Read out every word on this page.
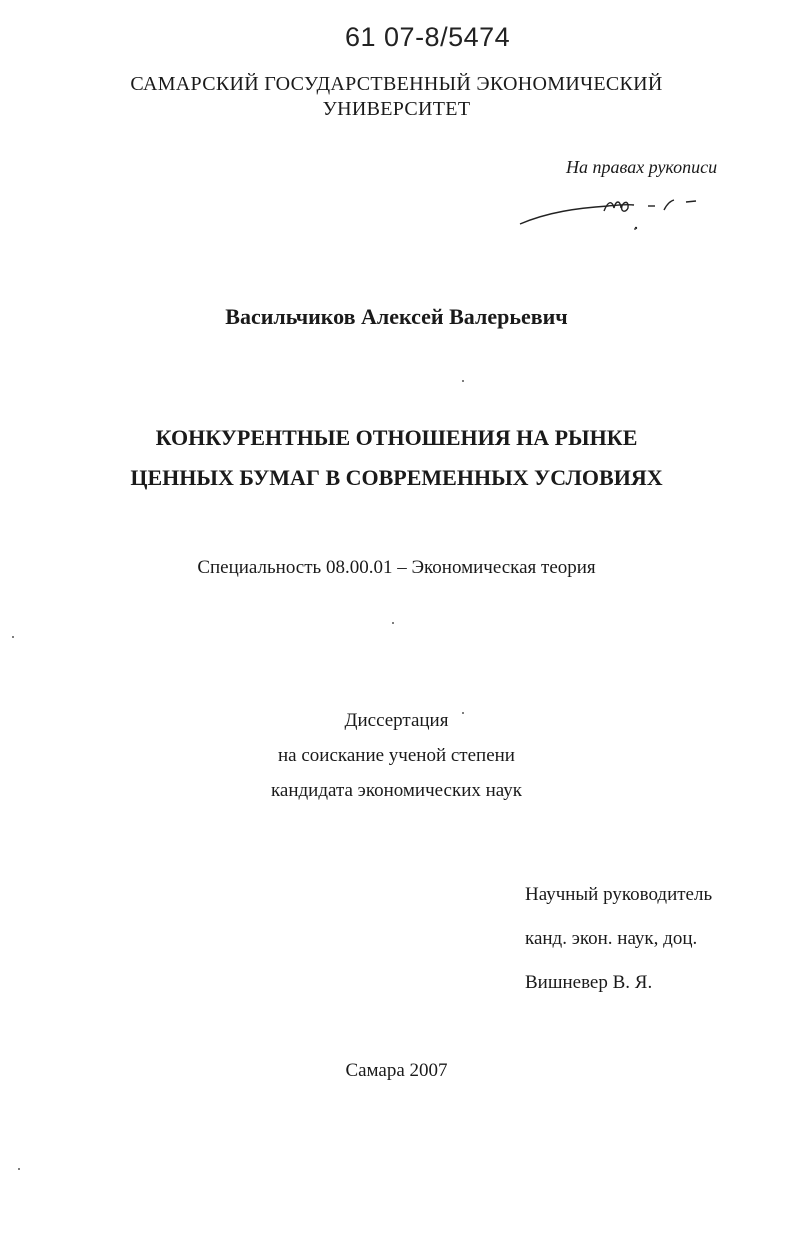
61 07-8/5474
САМАРСКИЙ ГОСУДАРСТВЕННЫЙ ЭКОНОМИЧЕСКИЙ
УНИВЕРСИТЕТ
На правах рукописи
Васильчиков Алексей Валерьевич
КОНКУРЕНТНЫЕ ОТНОШЕНИЯ НА РЫНКЕ
ЦЕННЫХ БУМАГ В СОВРЕМЕННЫХ УСЛОВИЯХ
Специальность 08.00.01 – Экономическая теория
Диссертация
на соискание ученой степени
кандидата экономических наук
Научный руководитель
канд. экон. наук, доц.
Вишневер В. Я.
Самара 2007
